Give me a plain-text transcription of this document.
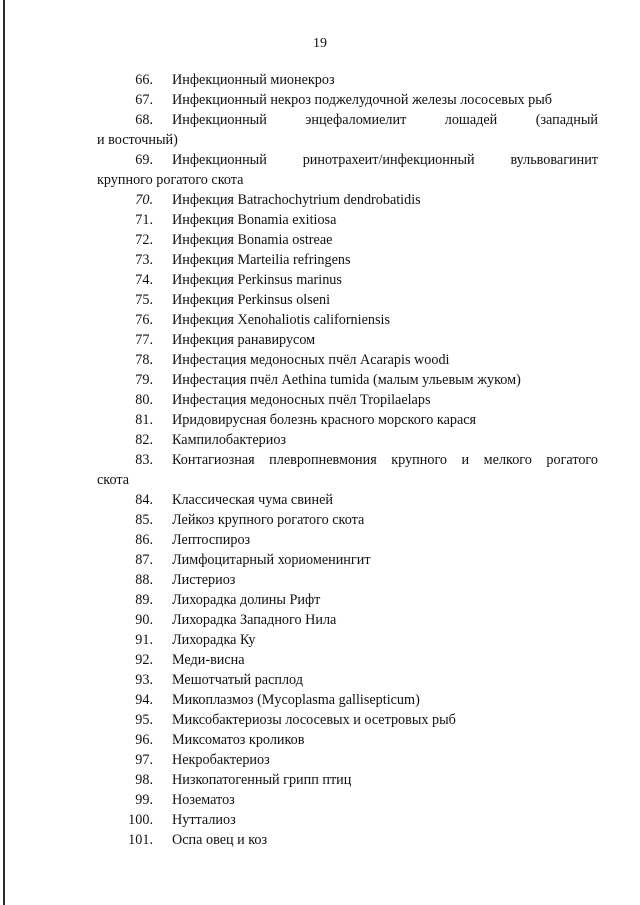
19
66. Инфекционный мионекроз
67. Инфекционный некроз поджелудочной железы лососевых рыб
68. Инфекционный энцефаломиелит лошадей (западный
и восточный)
69. Инфекционный ринотрахеит/инфекционный вульвовагинит
крупного рогатого скота
70. Инфекция Batrachochytrium dendrobatidis
71. Инфекция Bonamia exitiosa
72. Инфекция Bonamia ostreae
73. Инфекция Marteilia refringens
74. Инфекция Perkinsus marinus
75. Инфекция Perkinsus olseni
76. Инфекция Xenohaliotis californiensis
77. Инфекция ранавирусом
78. Инфестация медоносных пчёл Acarapis woodi
79. Инфестация пчёл Aethina tumida (малым ульевым жуком)
80. Инфестация медоносных пчёл Tropilaelaps
81. Иридовирусная болезнь красного морского карася
82. Кампилобактериоз
83. Контагиозная плевропневмония крупного и мелкого рогатого
скота
84. Классическая чума свиней
85. Лейкоз крупного рогатого скота
86. Лептоспироз
87. Лимфоцитарный хориоменингит
88. Листериоз
89. Лихорадка долины Рифт
90. Лихорадка Западного Нила
91. Лихорадка Ку
92. Меди-висна
93. Мешотчатый расплод
94. Микоплазмоз (Mycoplasma gallisepticum)
95. Миксобактериозы лососевых и осетровых рыб
96. Миксоматоз кроликов
97. Некробактериоз
98. Низкопатогенный грипп птиц
99. Нозематоз
100. Нутталиоз
101. Оспа овец и коз
